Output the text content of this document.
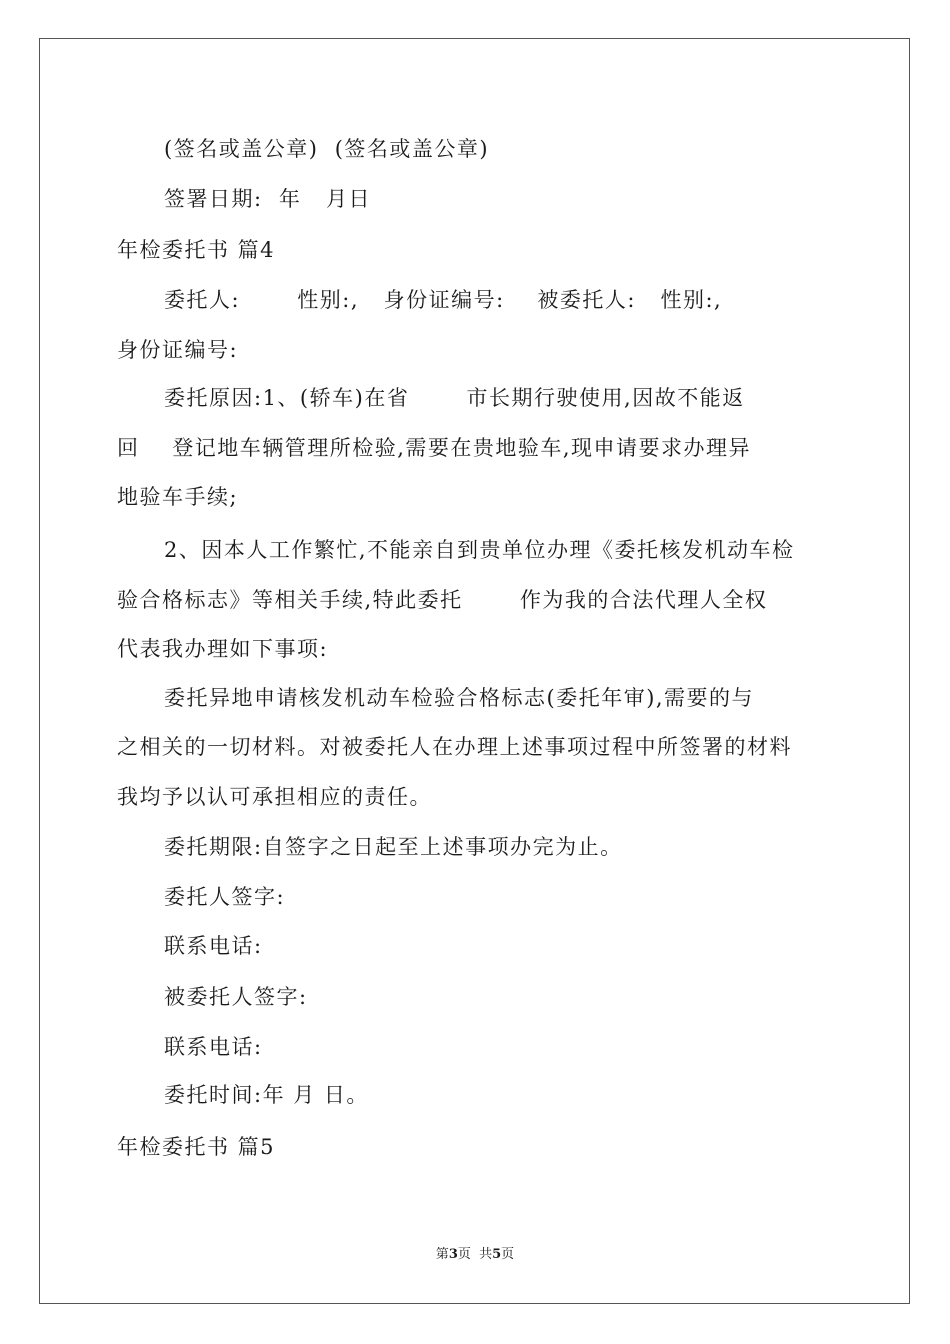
(签名或盖公章)  (签名或盖公章)
签署日期:  年   月日
年检委托书 篇4
委托人:       性别:,   身份证编号:    被委托人:   性别:,
身份证编号:
委托原因:1、(轿车)在省       市长期行驶使用,因故不能返
回    登记地车辆管理所检验,需要在贵地验车,现申请要求办理异
地验车手续;
2、因本人工作繁忙,不能亲自到贵单位办理《委托核发机动车检
验合格标志》等相关手续,特此委托       作为我的合法代理人全权
代表我办理如下事项:
委托异地申请核发机动车检验合格标志(委托年审),需要的与
之相关的一切材料。对被委托人在办理上述事项过程中所签署的材料
我均予以认可承担相应的责任。
委托期限:自签字之日起至上述事项办完为止。
委托人签字:
联系电话:
被委托人签字:
联系电话:
委托时间:年 月 日。
年检委托书 篇5
第3页  共5页
